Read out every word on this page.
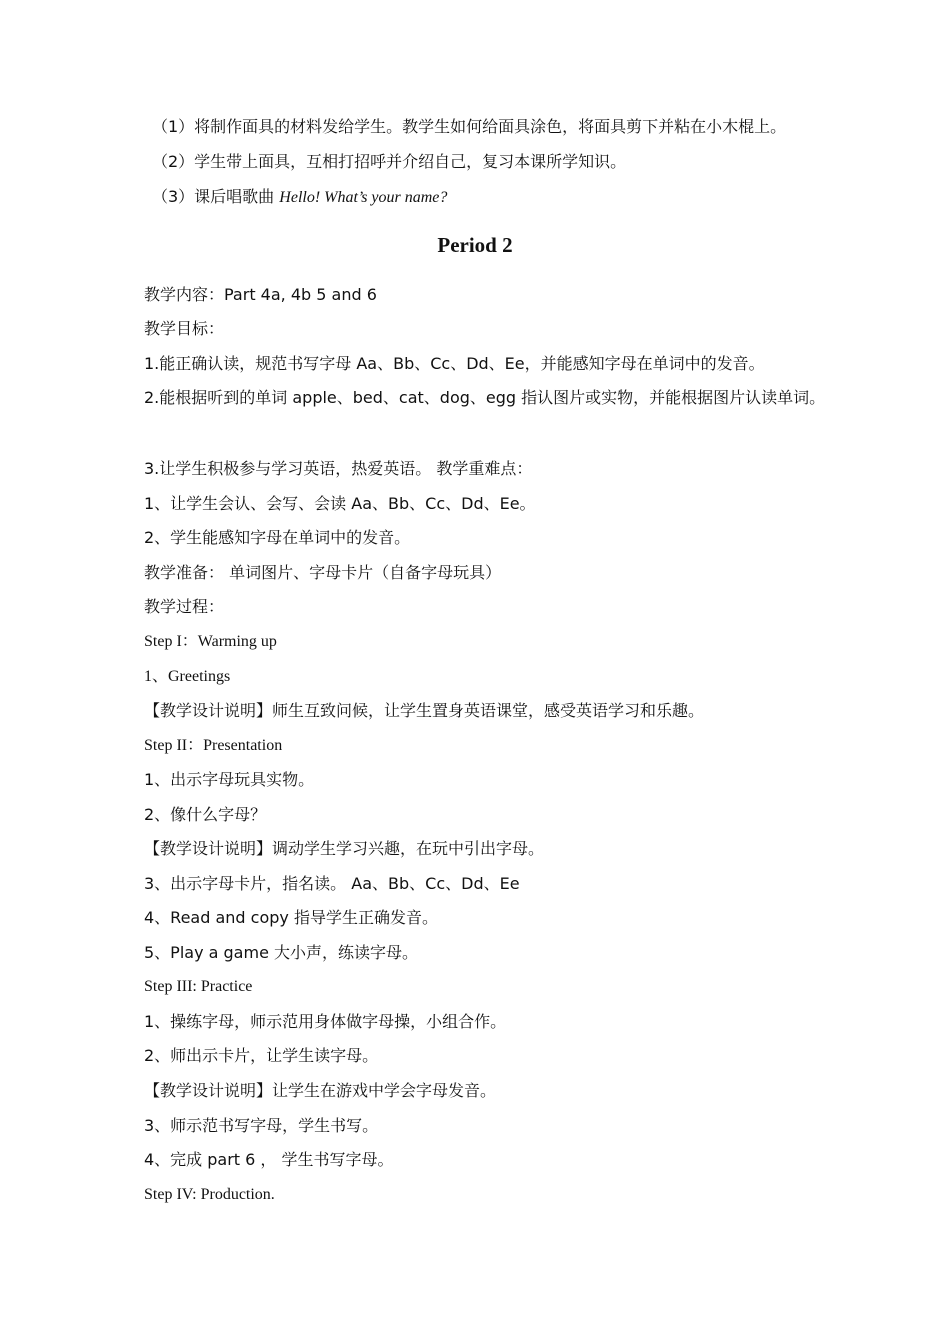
（1）将制作面具的材料发给学生。教学生如何给面具涂色，将面具剪下并粘在小木棍上。
（2）学生带上面具，互相打招呼并介绍自己，复习本课所学知识。
（3）课后唱歌曲 Hello! What’s your name?
Period 2
教学内容：Part 4a, 4b 5 and 6
教学目标：
1.能正确认读，规范书写字母 Aa、Bb、Cc、Dd、Ee，并能感知字母在单词中的发音。
2.能根据听到的单词 apple、bed、cat、dog、egg 指认图片或实物，并能根据图片认读单词。
3.让学生积极参与学习英语，热爱英语。 教学重难点：
1、让学生会认、会写、会读 Aa、Bb、Cc、Dd、Ee。
2、学生能感知字母在单词中的发音。
教学准备： 单词图片、字母卡片（自备字母玩具）
教学过程：
Step I：Warming up
1、Greetings
【教学设计说明】师生互致问候，让学生置身英语课堂，感受英语学习和乐趣。
Step II：Presentation
1、出示字母玩具实物。
2、像什么字母？
【教学设计说明】调动学生学习兴趣，在玩中引出字母。
3、出示字母卡片，指名读。 Aa、Bb、Cc、Dd、Ee
4、Read and copy 指导学生正确发音。
5、Play a game 大小声，练读字母。
Step III: Practice
1、操练字母，师示范用身体做字母操，小组合作。
2、师出示卡片，让学生读字母。
【教学设计说明】让学生在游戏中学会字母发音。
3、师示范书写字母，学生书写。
4、完成 part 6 ， 学生书写字母。
Step IV: Production.
